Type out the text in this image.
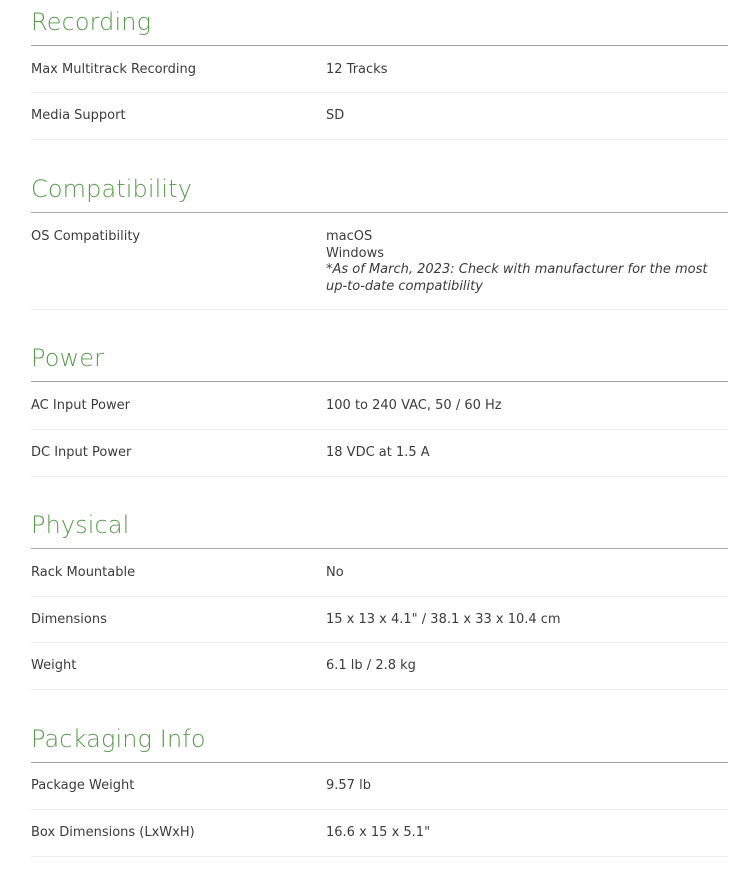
Recording
Max Multitrack Recording	12 Tracks
Media Support	SD
Compatibility
OS Compatibility	macOS
Windows
*As of March, 2023: Check with manufacturer for the most up-to-date compatibility
Power
AC Input Power	100 to 240 VAC, 50 / 60 Hz
DC Input Power	18 VDC at 1.5 A
Physical
Rack Mountable	No
Dimensions	15 x 13 x 4.1" / 38.1 x 33 x 10.4 cm
Weight	6.1 lb / 2.8 kg
Packaging Info
Package Weight	9.57 lb
Box Dimensions (LxWxH)	16.6 x 15 x 5.1"
